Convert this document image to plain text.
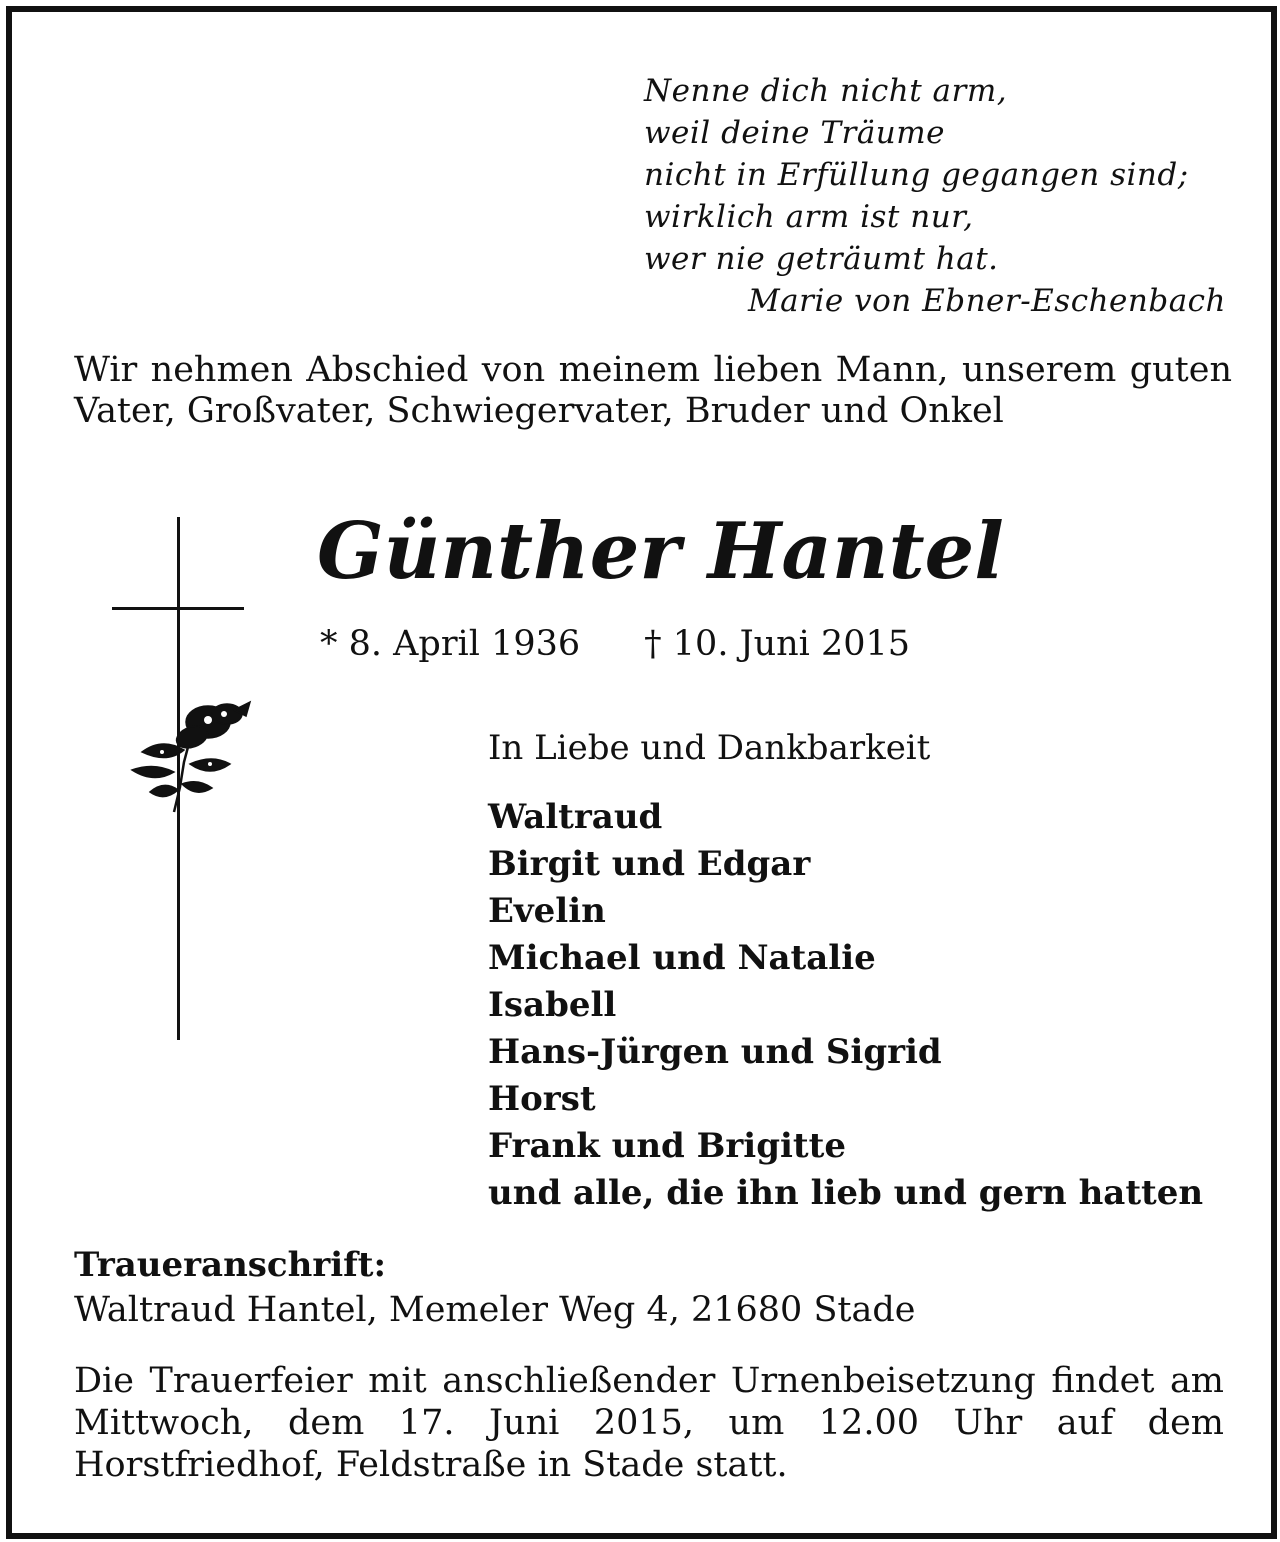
Nenne dich nicht arm,
weil deine Träume
nicht in Erfüllung gegangen sind;
wirklich arm ist nur,
wer nie geträumt hat.
Marie von Ebner-Eschenbach
Wir nehmen Abschied von meinem lieben Mann, unserem guten Vater, Großvater, Schwiegervater, Bruder und Onkel
Günther Hantel
* 8. April 1936 † 10. Juni 2015
In Liebe und Dankbarkeit
Waltraud
Birgit und Edgar
Evelin
Michael und Natalie
Isabell
Hans-Jürgen und Sigrid
Horst
Frank und Brigitte
und alle, die ihn lieb und gern hatten
Traueranschrift:
Waltraud Hantel, Memeler Weg 4, 21680 Stade
Die Trauerfeier mit anschließender Urnenbeisetzung findet am Mittwoch, dem 17. Juni 2015, um 12.00 Uhr auf dem Horstfriedhof, Feldstraße in Stade statt.
